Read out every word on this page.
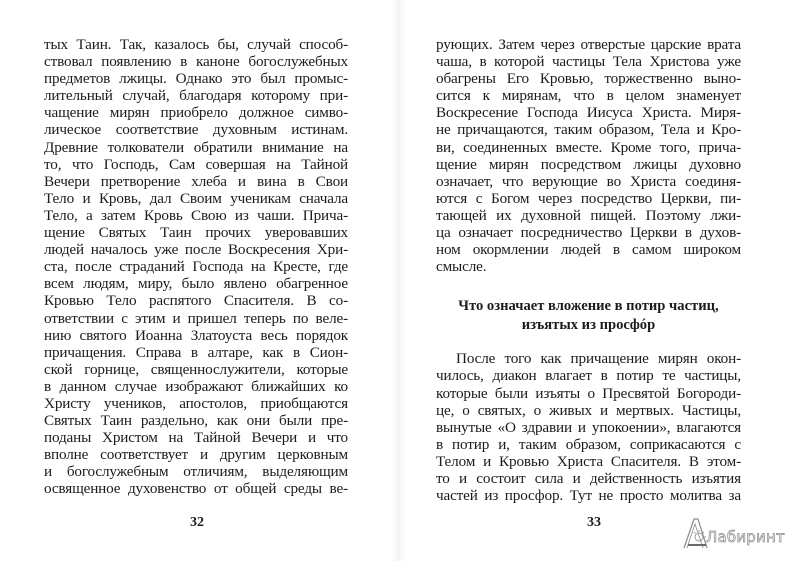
тых Таин. Так, казалось бы, случай способ-
ствовал появлению в каноне богослужебных
предметов лжицы. Однако это был промыс-
лительный случай, благодаря которому при-
чащение мирян приобрело должное симво-
лическое соответствие духовным истинам.
Древние толкователи обратили внимание на
то, что Господь, Сам совершая на Тайной
Вечери претворение хлеба и вина в Свои
Тело и Кровь, дал Своим ученикам сначала
Тело, а затем Кровь Свою из чаши. Прича-
щение Святых Таин прочих уверовавших
людей началось уже после Воскресения Хри-
ста, после страданий Господа на Кресте, где
всем людям, миру, было явлено обагренное
Кровью Тело распятого Спасителя. В со-
ответствии с этим и пришел теперь по веле-
нию святого Иоанна Златоуста весь порядок
причащения. Справа в алтаре, как в Сион-
ской горнице, священнослужители, которые
в данном случае изображают ближайших ко
Христу учеников, апостолов, приобщаются
Святых Таин раздельно, как они были пре-
поданы Христом на Тайной Вечери и что
вполне соответствует и другим церковным
и богослужебным отличиям, выделяющим
освященное духовенство от общей среды ве-
32
рующих. Затем через отверстые царские врата
чаша, в которой частицы Тела Христова уже
обагрены Его Кровью, торжественно выно-
сится к мирянам, что в целом знаменует
Воскресение Господа Иисуса Христа. Миря-
не причащаются, таким образом, Тела и Кро-
ви, соединенных вместе. Кроме того, прича-
щение мирян посредством лжицы духовно
означает, что верующие во Христа соединя-
ются с Богом через посредство Церкви, пи-
тающей их духовной пищей. Поэтому лжи-
ца означает посредничество Церкви в духов-
ном окормлении людей в самом широком
смысле.
Что означает вложение в потир частиц,
изъятых из просфóр
После того как причащение мирян окон-
чилось, диакон влагает в потир те частицы,
которые были изъяты о Пресвятой Богороди-
це, о святых, о живых и мертвых. Частицы,
вынутые «О здравии и упокоении», влагаются
в потир и, таким образом, соприкасаются с
Телом и Кровью Христа Спасителя. В этом-
то и состоит сила и действенность изъятия
частей из просфор. Тут не просто молитва за
33
Лабиринт
